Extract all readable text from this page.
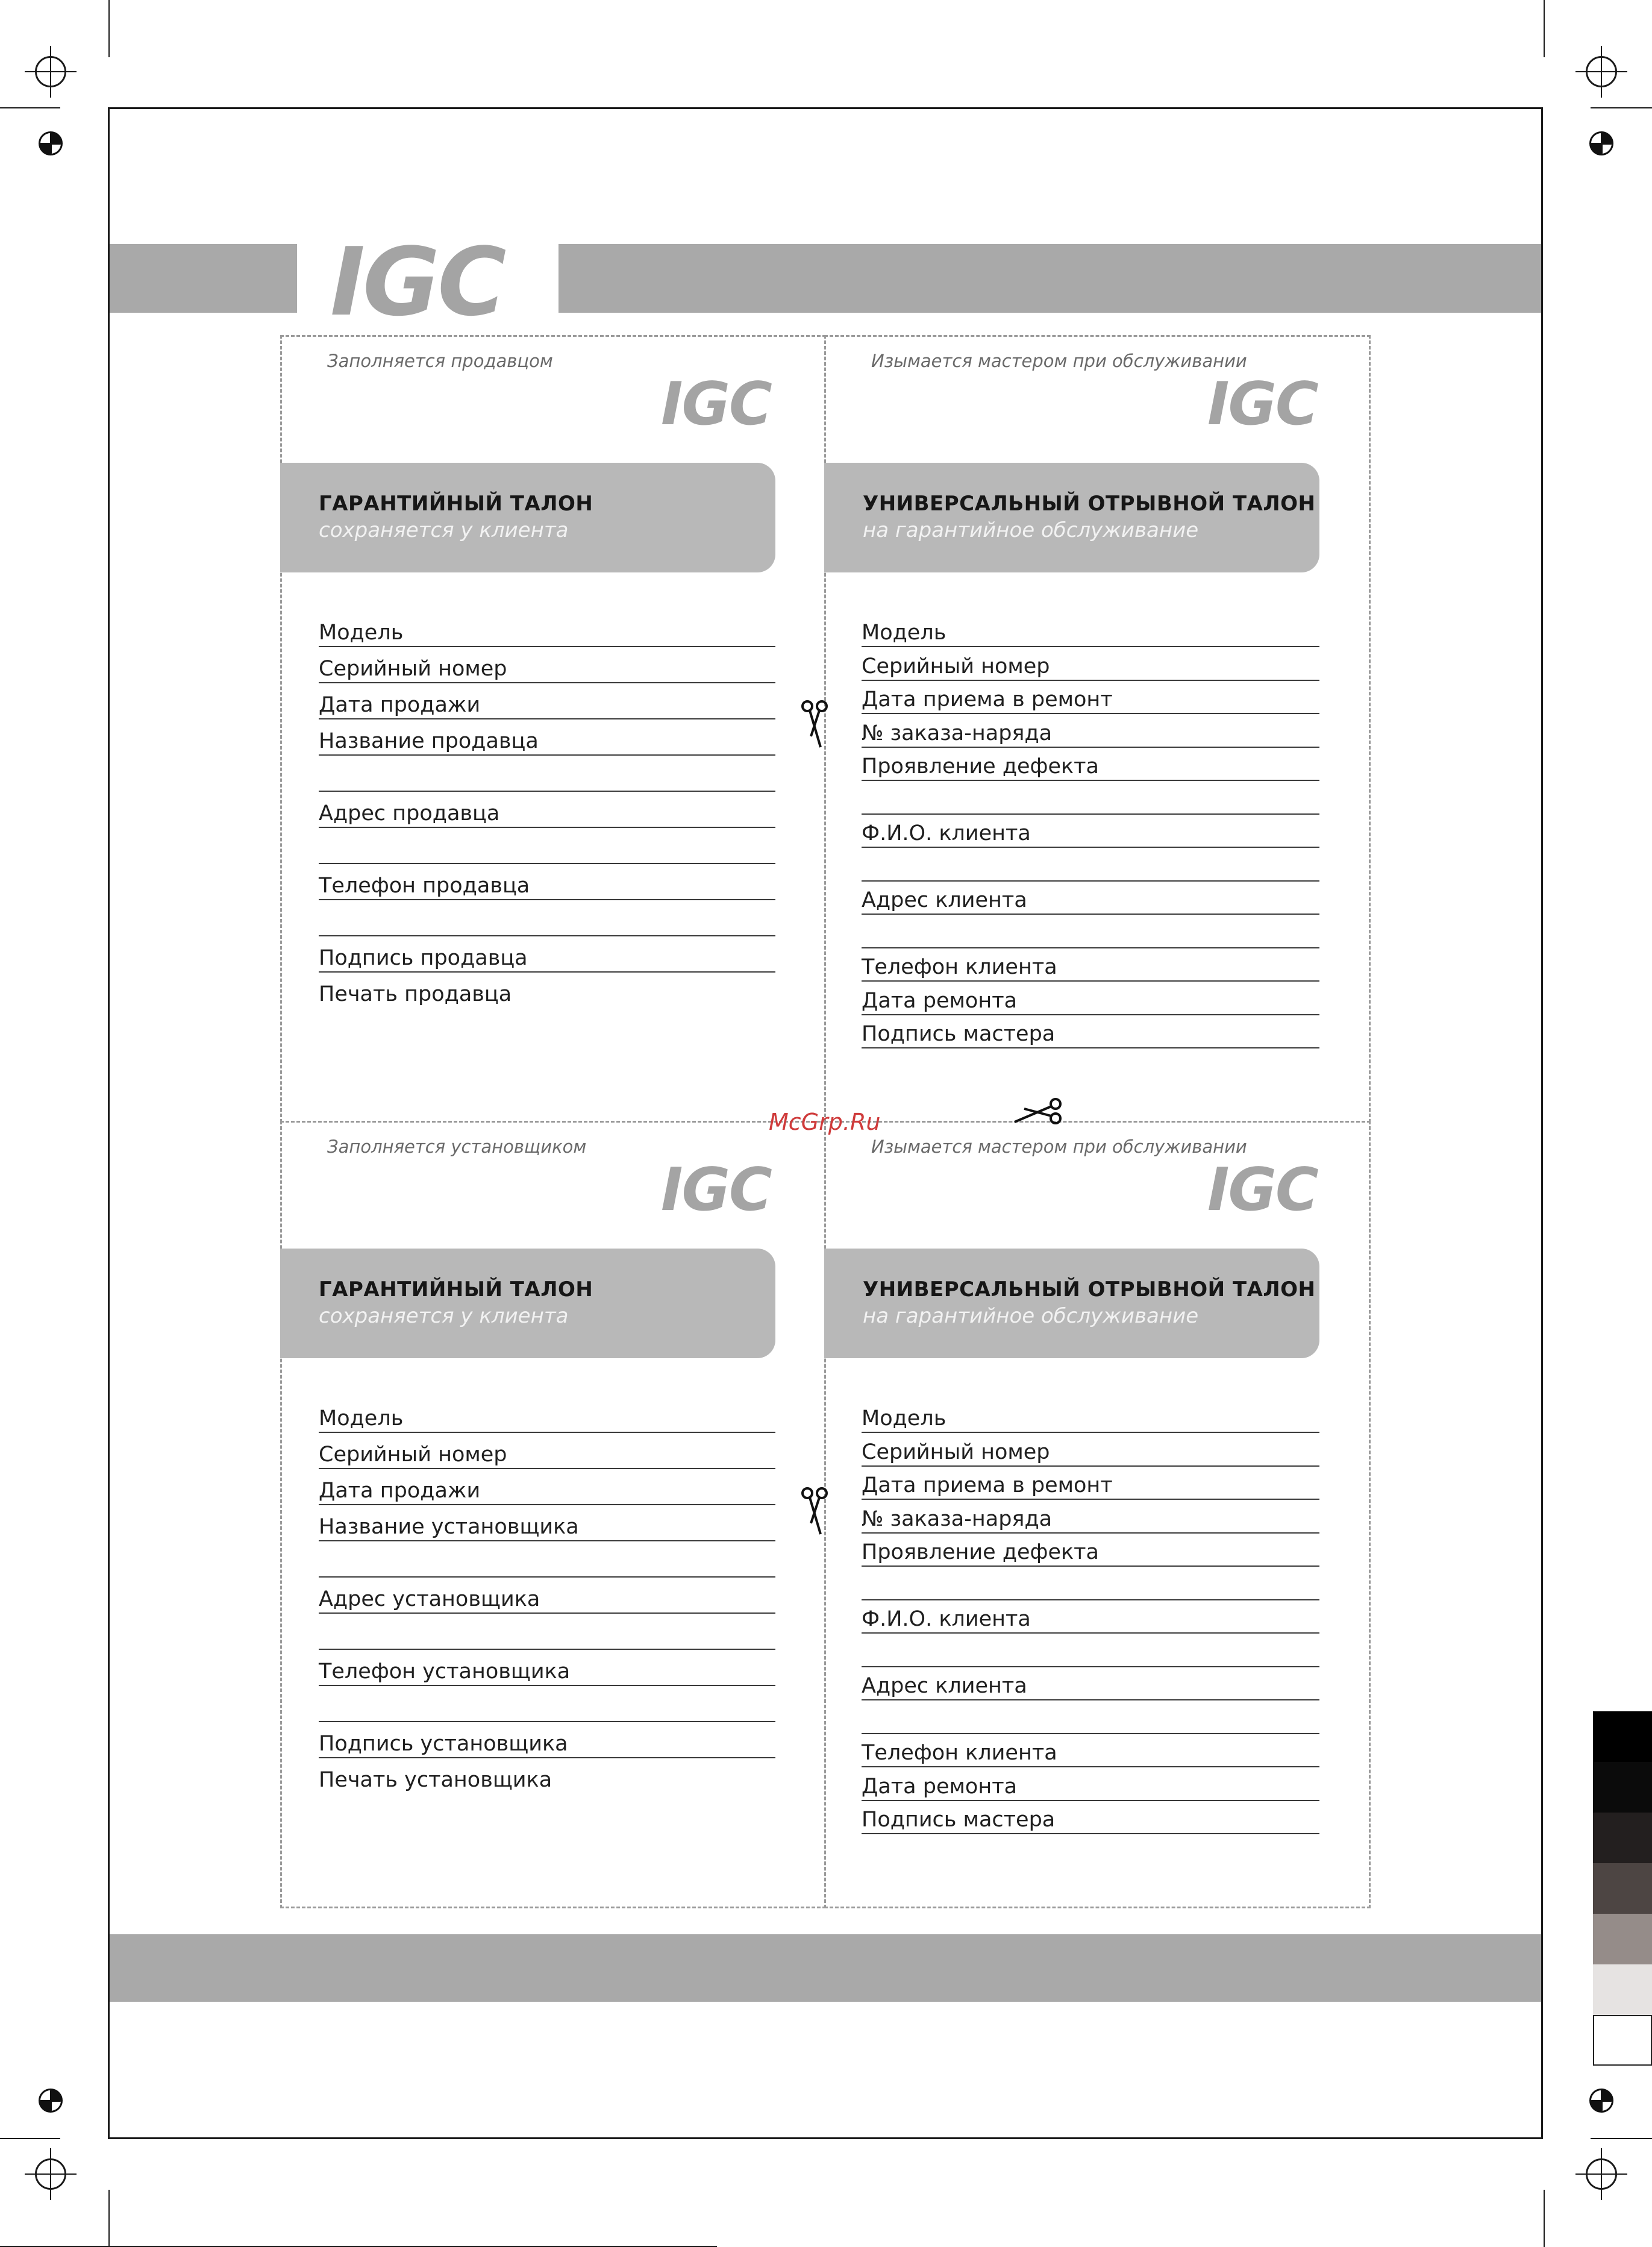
IGC
McGrp.Ru
Заполняется продавцом
IGC
ГАРАНТИЙНЫЙ ТАЛОН
сохраняется у клиента
Модель
Серийный номер
Дата продажи
Название продавца
Адрес продавца
Телефон продавца
Подпись продавца
Печать продавца
Изымается мастером при обслуживании
IGC
УНИВЕРСАЛЬНЫЙ ОТРЫВНОЙ ТАЛОН
на гарантийное обслуживание
Модель
Серийный номер
Дата приема в ремонт
№ заказа-наряда
Проявление дефекта
Ф.И.О. клиента
Адрес клиента
Телефон клиента
Дата ремонта
Подпись мастера
Заполняется установщиком
IGC
ГАРАНТИЙНЫЙ ТАЛОН
сохраняется у клиента
Модель
Серийный номер
Дата продажи
Название установщика
Адрес установщика
Телефон установщика
Подпись установщика
Печать установщика
Изымается мастером при обслуживании
IGC
УНИВЕРСАЛЬНЫЙ ОТРЫВНОЙ ТАЛОН
на гарантийное обслуживание
Модель
Серийный номер
Дата приема в ремонт
№ заказа-наряда
Проявление дефекта
Ф.И.О. клиента
Адрес клиента
Телефон клиента
Дата ремонта
Подпись мастера
